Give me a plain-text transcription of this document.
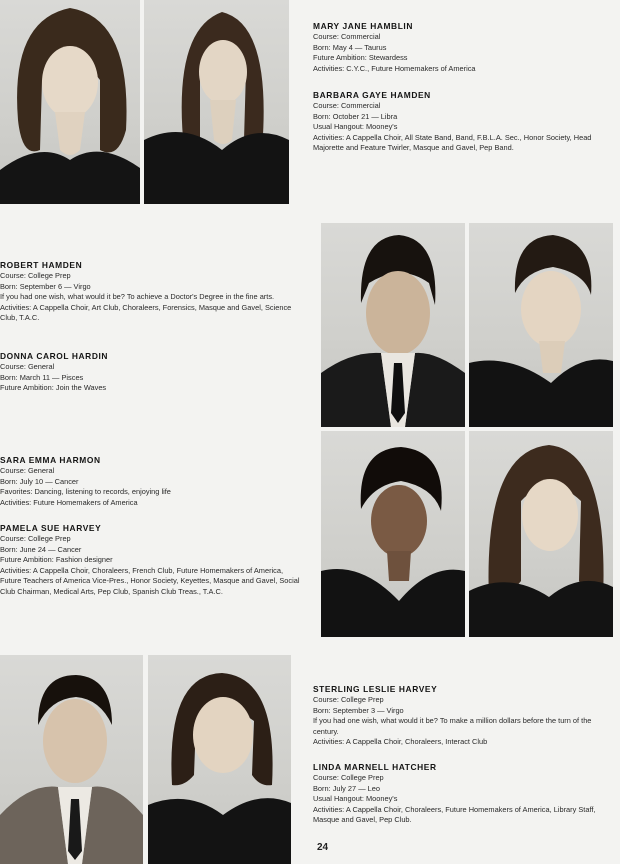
MARY JANE HAMBLIN
Course : Commercial
Born : May 4 — Taurus
Future Ambition : Stewardess
Activities : C.Y.C., Future Homemakers of America
BARBARA GAYE HAMDEN
Course : Commercial
Born : October 21 — Libra
Usual Hangout : Mooney's
Activities : A Cappella Choir, All State Band, Band, F.B.L.A. Sec., Honor Society, Head Majorette and Feature Twirler, Masque and Gavel, Pep Band.
ROBERT HAMDEN
Course : College Prep
Born : September 6 — Virgo
If you had one wish, what would it be? To achieve a Doctor's Degree in the fine arts.
Activities : A Cappella Choir, Art Club, Choraleers, Forensics, Masque and Gavel, Science Club, T.A.C.
DONNA CAROL HARDIN
Course : General
Born : March 11 — Pisces
Future Ambition : Join the Waves
SARA EMMA HARMON
Course : General
Born : July 10 — Cancer
Favorites : Dancing, listening to records, enjoying life
Activities : Future Homemakers of America
PAMELA SUE HARVEY
Course : College Prep
Born : June 24 — Cancer
Future Ambition : Fashion designer
Activities : A Cappella Choir, Choraleers, French Club, Future Homemakers of America, Future Teachers of America Vice-Pres., Honor Society, Keyettes, Masque and Gavel, Social Club Chairman, Medical Arts, Pep Club, Spanish Club Treas., T.A.C.
STERLING LESLIE HARVEY
Course : College Prep
Born : September 3 — Virgo
If you had one wish, what would it be? To make a million dollars before the turn of the century.
Activities : A Cappella Choir, Choraleers, Interact Club
LINDA MARNELL HATCHER
Course : College Prep
Born : July 27 — Leo
Usual Hangout : Mooney's
Activities : A Cappella Choir, Choraleers, Future Homemakers of America, Library Staff, Masque and Gavel, Pep Club.
24
